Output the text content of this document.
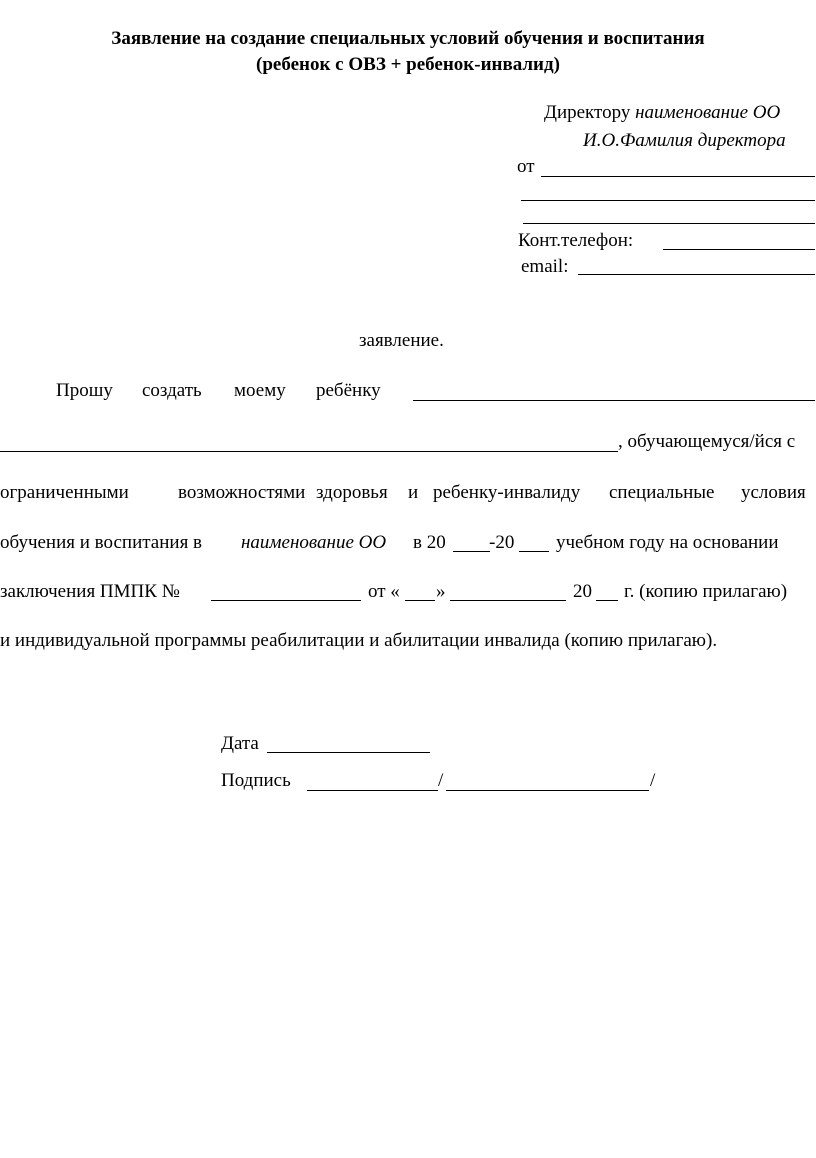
Заявление на создание специальных условий обучения и воспитания
(ребенок с ОВЗ + ребенок-инвалид)
Директору наименование ОО
И.О.Фамилия директора
от
Конт.телефон:
email:
заявление.
Прошу создать моему ребёнку
, обучающемуся/йся с
ограниченными	возможностями здоровья и ребенку-инвалиду специальные условия
обучения и воспитания в наименование ОО в 20 -20 учебном году на основании
заключения ПМПК №	от « »	20 г. (копию прилагаю)
и индивидуальной программы реабилитации и абилитации инвалида (копию прилагаю).
Дата
Подпись	/	/
